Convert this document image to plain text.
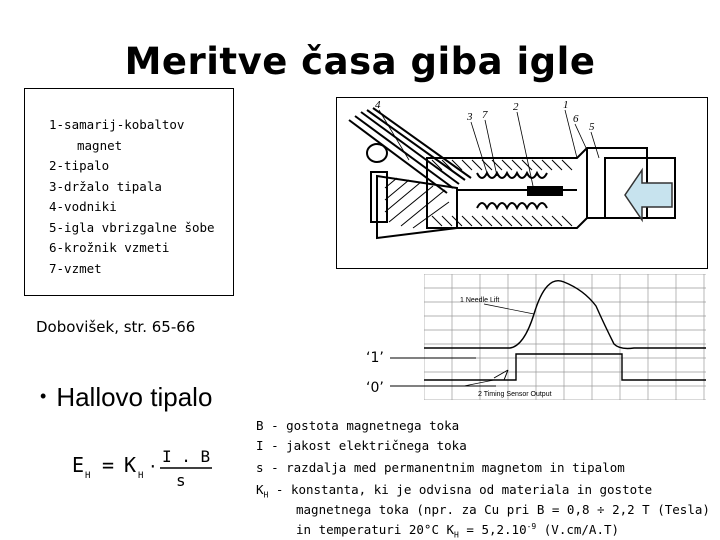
Meritve časa giba igle
1-samarij-kobaltov
magnet
2-tipalo
3-držalo tipala
4-vodniki
5-igla vbrizgalne šobe
6-krožnik vzmeti
7-vzmet
Dobovišek, str. 65-66
• Hallovo tipalo
4
3 7
2	1
6
5
1 Needle Lift
2 Timing Sensor Output
‘1’
‘0’
E H = K H ·
I . B
s
B - gostota magnetnega toka
I - jakost električnega toka
s - razdalja med permanentnim magnetom in tipalom
$K_H$ - konstanta, ki je odvisna od materiala in gostote
magnetnega toka (npr. za Cu pri B = 0,8 ÷ 2,2 T (Tesla)
in temperaturi 20°C $K_H = 5,2.10^{-9}$ (V.cm/A.T)
